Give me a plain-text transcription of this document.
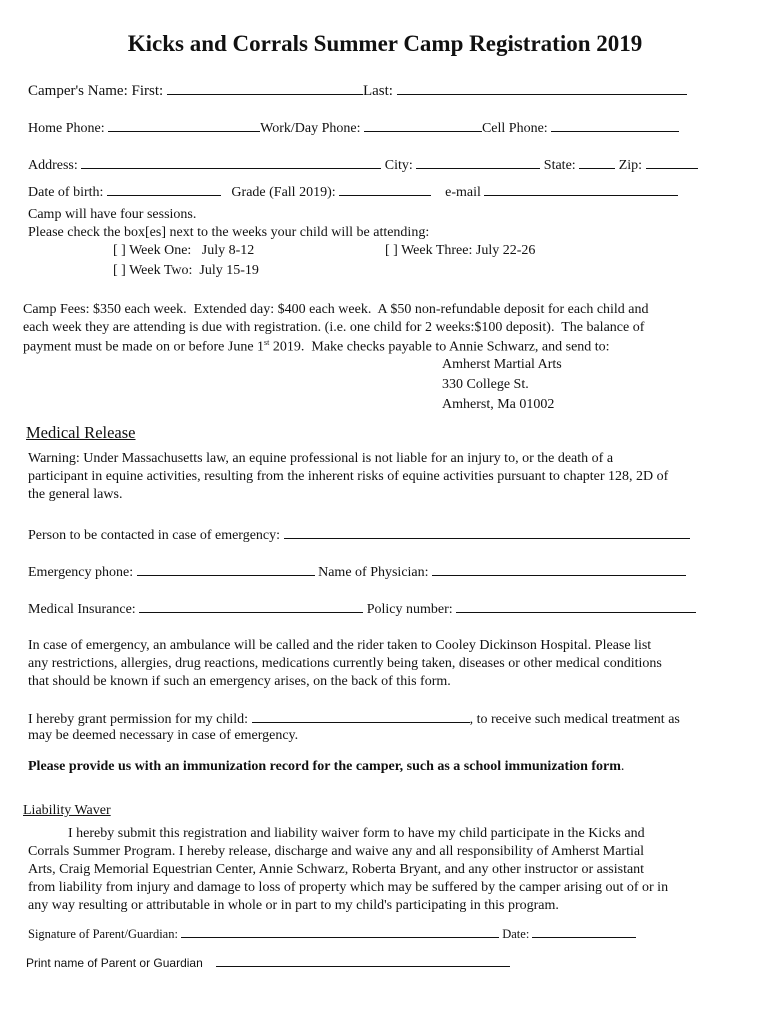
Kicks and Corrals Summer Camp Registration 2019
Camper's Name: First:	Last:
Home Phone:	Work/Day Phone:	Cell Phone:
Address:	City:	State:	Zip:
Date of birth:	Grade (Fall 2019):	e-mail
Camp will have four sessions.
Please check the box[es] next to the weeks your child will be attending:
[ ] Week One:   July 8-12	[ ] Week Three: July 22-26
[ ] Week Two:  July 15-19
Camp Fees: $350 each week.  Extended day: $400 each week.  A $50 non-refundable deposit for each child and
each week they are attending is due with registration. (i.e. one child for 2 weeks:$100 deposit).  The balance of
payment must be made on or before June 1st 2019.  Make checks payable to Annie Schwarz, and send to:
Amherst Martial Arts
330 College St.
Amherst, Ma 01002
Medical Release
Warning: Under Massachusetts law, an equine professional is not liable for an injury to, or the death of a
participant in equine activities, resulting from the inherent risks of equine activities pursuant to chapter 128, 2D of
the general laws.
Person to be contacted in case of emergency:
Emergency phone:	Name of Physician:
Medical Insurance:	Policy number:
In case of emergency, an ambulance will be called and the rider taken to Cooley Dickinson Hospital. Please list
any restrictions, allergies, drug reactions, medications currently being taken, diseases or other medical conditions
that should be known if such an emergency arises, on the back of this form.
I hereby grant permission for my child:	, to receive such medical treatment as
may be deemed necessary in case of emergency.
Please provide us with an immunization record for the camper, such as a school immunization form.
Liability Waver
I hereby submit this registration and liability waiver form to have my child participate in the Kicks and
Corrals Summer Program. I hereby release, discharge and waive any and all responsibility of Amherst Martial
Arts, Craig Memorial Equestrian Center, Annie Schwarz, Roberta Bryant, and any other instructor or assistant
from liability from injury and damage to loss of property which may be suffered by the camper arising out of or in
any way resulting or attributable in whole or in part to my child's participating in this program.
Signature of Parent/Guardian:	Date:
Print name of Parent or Guardian
